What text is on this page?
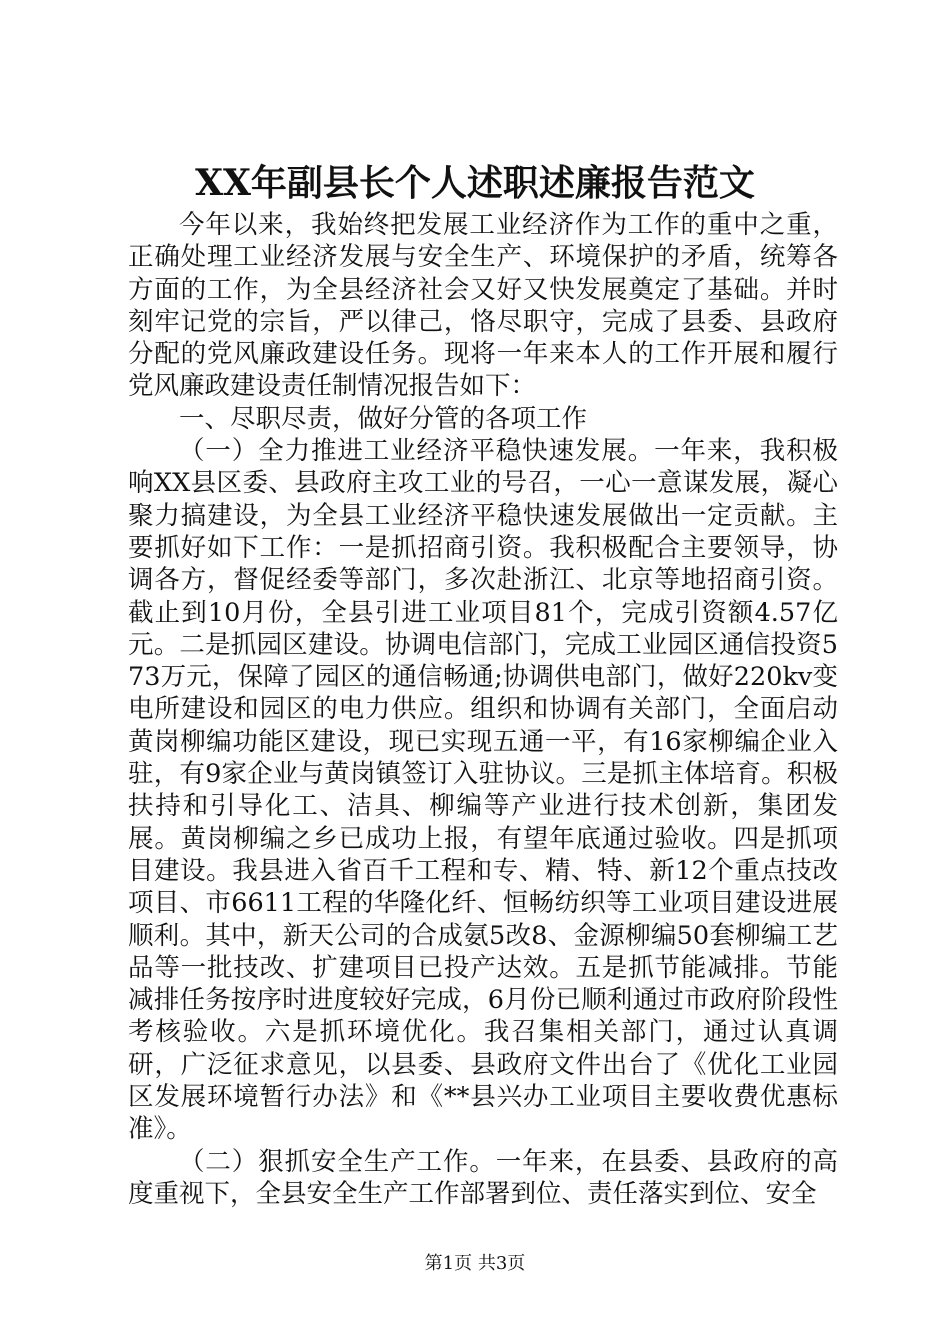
XX年副县长个人述职述廉报告范文

今年以来，我始终把发展工业经济作为工作的重中之重，正确处理工业经济发展与安全生产、环境保护的矛盾，统筹各方面的工作，为全县经济社会又好又快发展奠定了基础。并时刻牢记党的宗旨，严以律己，恪尽职守，完成了县委、县政府分配的党风廉政建设任务。现将一年来本人的工作开展和履行党风廉政建设责任制情况报告如下：

一、尽职尽责，做好分管的各项工作

（一）全力推进工业经济平稳快速发展。一年来，我积极响XX县区委、县政府主攻工业的号召，一心一意谋发展，凝心聚力搞建设，为全县工业经济平稳快速发展做出一定贡献。主要抓好如下工作：一是抓招商引资。我积极配合主要领导，协调各方，督促经委等部门，多次赴浙江、北京等地招商引资。截止到10月份，全县引进工业项目81个，完成引资额4.57亿元。二是抓园区建设。协调电信部门，完成工业园区通信投资573万元，保障了园区的通信畅通;协调供电部门，做好220kv变电所建设和园区的电力供应。组织和协调有关部门，全面启动黄岗柳编功能区建设，现已实现五通一平，有16家柳编企业入驻，有9家企业与黄岗镇签订入驻协议。三是抓主体培育。积极扶持和引导化工、洁具、柳编等产业进行技术创新，集团发展。黄岗柳编之乡已成功上报，有望年底通过验收。四是抓项目建设。我县进入省百千工程和专、精、特、新12个重点技改项目、市6611工程的华隆化纤、恒畅纺织等工业项目建设进展顺利。其中，新天公司的合成氨5改8、金源柳编50套柳编工艺品等一批技改、扩建项目已投产达效。五是抓节能减排。节能减排任务按序时进度较好完成，6月份已顺利通过市政府阶段性考核验收。六是抓环境优化。我召集相关部门，通过认真调研，广泛征求意见，以县委、县政府文件出台了《优化工业园区发展环境暂行办法》和《**县兴办工业项目主要收费优惠标准》。

（二）狠抓安全生产工作。一年来，在县委、县政府的高度重视下，全县安全生产工作部署到位、责任落实到位、安全

第1页 共3页
